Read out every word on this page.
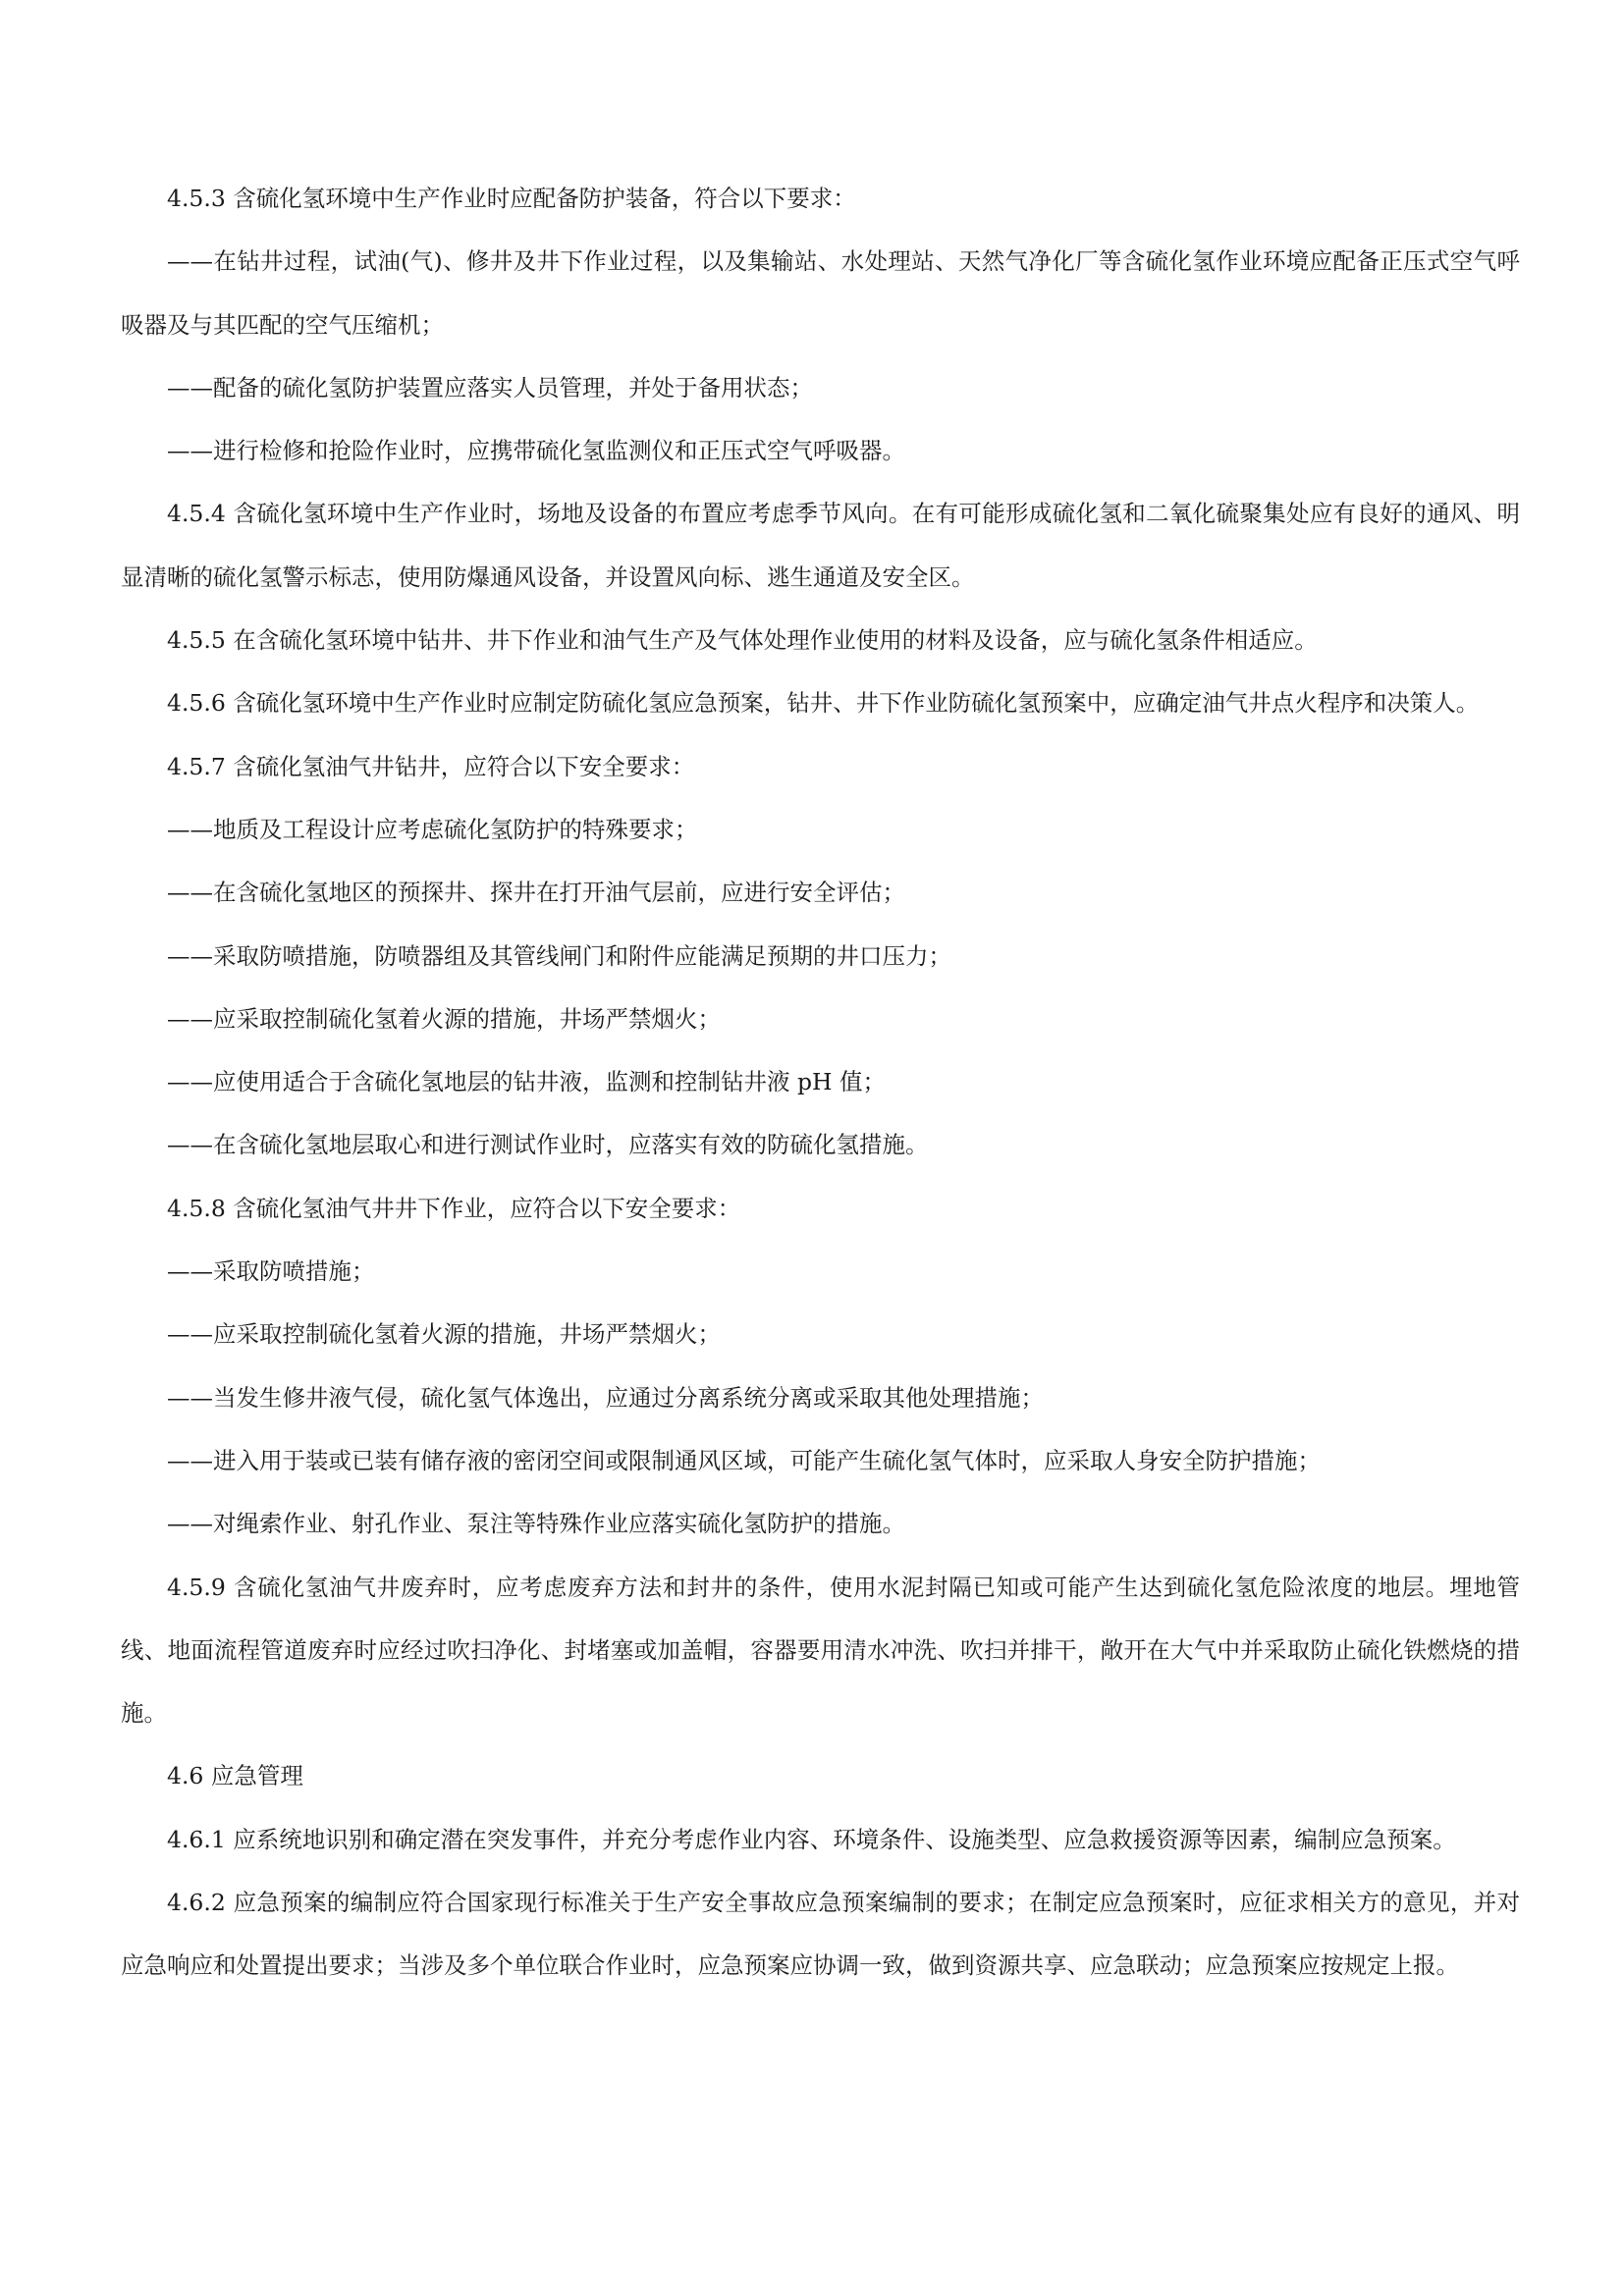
4.5.3 含硫化氢环境中生产作业时应配备防护装备，符合以下要求：

——在钻井过程，试油(气)、修井及井下作业过程，以及集输站、水处理站、天然气净化厂等含硫化氢作业环境应配备正压式空气呼吸器及与其匹配的空气压缩机；

——配备的硫化氢防护装置应落实人员管理，并处于备用状态；

——进行检修和抢险作业时，应携带硫化氢监测仪和正压式空气呼吸器。

4.5.4 含硫化氢环境中生产作业时，场地及设备的布置应考虑季节风向。在有可能形成硫化氢和二氧化硫聚集处应有良好的通风、明显清晰的硫化氢警示标志，使用防爆通风设备，并设置风向标、逃生通道及安全区。

4.5.5 在含硫化氢环境中钻井、井下作业和油气生产及气体处理作业使用的材料及设备，应与硫化氢条件相适应。

4.5.6 含硫化氢环境中生产作业时应制定防硫化氢应急预案，钻井、井下作业防硫化氢预案中，应确定油气井点火程序和决策人。

4.5.7 含硫化氢油气井钻井，应符合以下安全要求：

——地质及工程设计应考虑硫化氢防护的特殊要求；

——在含硫化氢地区的预探井、探井在打开油气层前，应进行安全评估；

——采取防喷措施，防喷器组及其管线闸门和附件应能满足预期的井口压力；

——应采取控制硫化氢着火源的措施，井场严禁烟火；

——应使用适合于含硫化氢地层的钻井液，监测和控制钻井液 pH 值；

——在含硫化氢地层取心和进行测试作业时，应落实有效的防硫化氢措施。

4.5.8 含硫化氢油气井井下作业，应符合以下安全要求：

——采取防喷措施；

——应采取控制硫化氢着火源的措施，井场严禁烟火；

——当发生修井液气侵，硫化氢气体逸出，应通过分离系统分离或采取其他处理措施；

——进入用于装或已装有储存液的密闭空间或限制通风区域，可能产生硫化氢气体时，应采取人身安全防护措施；

——对绳索作业、射孔作业、泵注等特殊作业应落实硫化氢防护的措施。

4.5.9 含硫化氢油气井废弃时，应考虑废弃方法和封井的条件，使用水泥封隔已知或可能产生达到硫化氢危险浓度的地层。埋地管线、地面流程管道废弃时应经过吹扫净化、封堵塞或加盖帽，容器要用清水冲洗、吹扫并排干，敞开在大气中并采取防止硫化铁燃烧的措施。

4.6 应急管理

4.6.1 应系统地识别和确定潜在突发事件，并充分考虑作业内容、环境条件、设施类型、应急救援资源等因素，编制应急预案。

4.6.2 应急预案的编制应符合国家现行标准关于生产安全事故应急预案编制的要求；在制定应急预案时，应征求相关方的意见，并对应急响应和处置提出要求；当涉及多个单位联合作业时，应急预案应协调一致，做到资源共享、应急联动；应急预案应按规定上报。
